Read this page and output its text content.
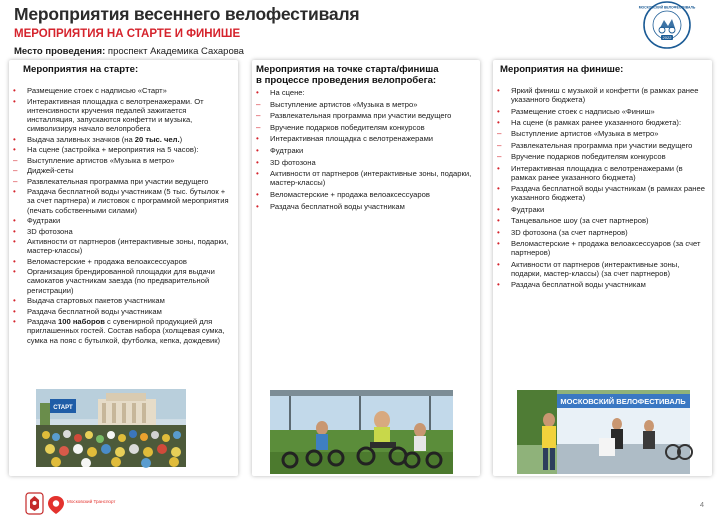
Мероприятия весеннего велофестиваля
МЕРОПРИЯТИЯ НА СТАРТЕ И ФИНИШЕ
Место проведения: проспект Академика Сахарова
2022
МОСКОВСКИЙ ВЕЛОФЕСТИВАЛЬ
Мероприятия на старте:
•	Размещение стоек с надписью «Старт»
•	Интерактивная площадка с велотренажерами. От интенсивности кручения педалей зажигается инсталляция, запускаются конфетти и музыка, символизируя начало велопробега
•	Выдача заливных значков (на 20 тыс. чел.)
•	На сцене (застройка + мероприятия на 5 часов):
–	Выступление артистов «Музыка в метро»
–	Диджей-сеты
–	Развлекательная программа при участии ведущего
•	Раздача бесплатной воды участникам (5 тыс. бутылок + за счет партнера) и листовок с программой мероприятия (печать собственными силами)
•	Фудтраки
•	3D фотозона
•	Активности от партнеров (интерактивные зоны, подарки, мастер-классы)
•	Веломастерские + продажа велоаксессуаров
•	Организация брендированной площадки для выдачи самокатов участникам заезда (по предварительной регистрации)
•	Выдача стартовых пакетов участникам
•	Раздача бесплатной воды участникам
•	Раздача 100 наборов с сувенирной продукцией для приглашенных гостей. Состав набора (холщевая сумка, сумка на пояс с бутылкой, футболка, кепка, дождевик)
Мероприятия на точке старта/финиша
в процессе проведения велопробега:
•	На сцене:
–	Выступление артистов «Музыка в метро»
–	Развлекательная программа при участии ведущего
–	Вручение подарков победителям конкурсов
•	Интерактивная площадка с велотренажерами
•	Фудтраки
•	3D фотозона
•	Активности от партнеров (интерактивные зоны, подарки, мастер-классы)
•	Веломастерские + продажа велоаксессуаров
•	Раздача бесплатной воды участникам
Мероприятия на финише:
•	Яркий финиш с музыкой и конфетти (в рамках ранее указанного бюджета)
•	Размещение стоек с надписью «Финиш»
•	На сцене (в рамках ранее указанного бюджета):
–	Выступление артистов «Музыка в метро»
–	Развлекательная программа при участии ведущего
–	Вручение подарков победителям конкурсов
•	Интерактивная площадка с велотренажерами (в рамках ранее указанного бюджета)
•	Раздача бесплатной воды участникам (в рамках ранее указанного бюджета)
•	Фудтраки
•	Танцевальное шоу (за счет партнеров)
•	3D фотозона (за счет партнеров)
•	Веломастерские + продажа велоаксессуаров (за счет партнеров)
•	Активности от партнеров (интерактивные зоны, подарки, мастер-классы) (за счет партнеров)
•	Раздача бесплатной воды участникам
СТАРТ
МОСКОВСКИЙ ВЕЛОФЕСТИВАЛЬ
Московский Транспорт	4
